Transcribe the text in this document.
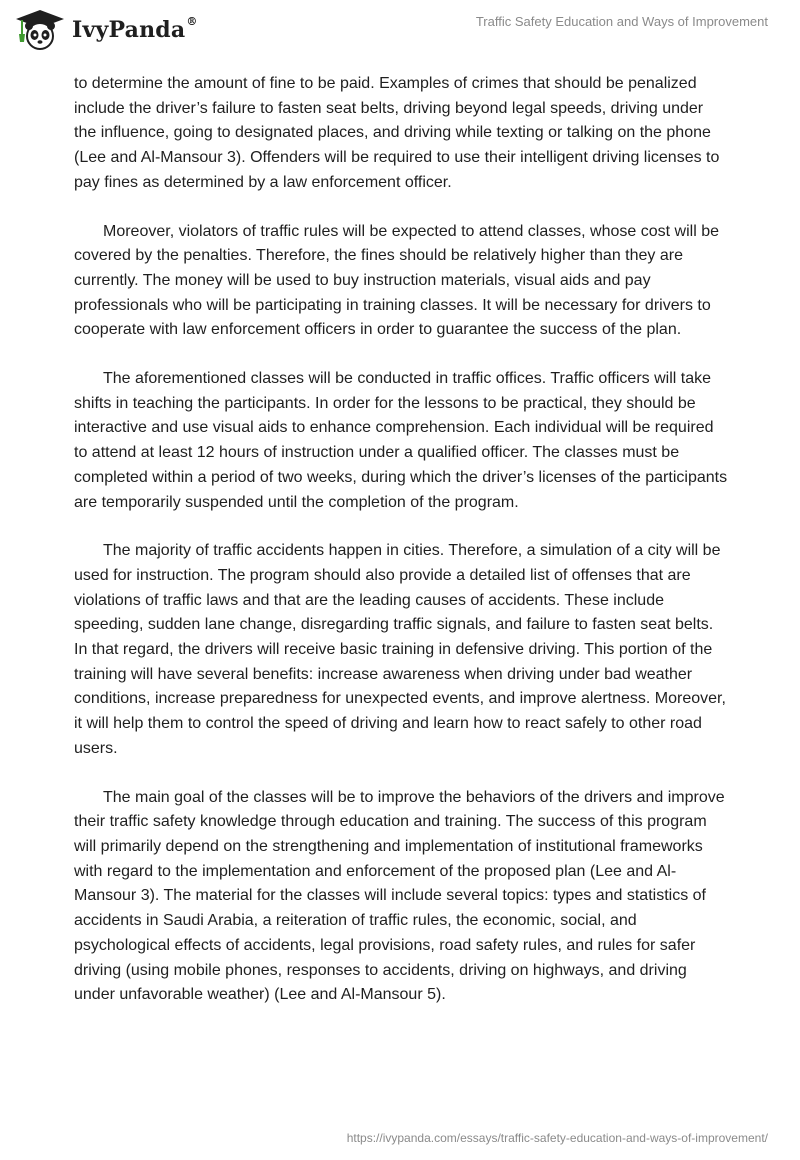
IvyPanda®	Traffic Safety Education and Ways of Improvement

to determine the amount of fine to be paid. Examples of crimes that should be penalized include the driver’s failure to fasten seat belts, driving beyond legal speeds, driving under the influence, going to designated places, and driving while texting or talking on the phone (Lee and Al-Mansour 3). Offenders will be required to use their intelligent driving licenses to pay fines as determined by a law enforcement officer.

Moreover, violators of traffic rules will be expected to attend classes, whose cost will be covered by the penalties. Therefore, the fines should be relatively higher than they are currently. The money will be used to buy instruction materials, visual aids and pay professionals who will be participating in training classes. It will be necessary for drivers to cooperate with law enforcement officers in order to guarantee the success of the plan.

The aforementioned classes will be conducted in traffic offices. Traffic officers will take shifts in teaching the participants. In order for the lessons to be practical, they should be interactive and use visual aids to enhance comprehension. Each individual will be required to attend at least 12 hours of instruction under a qualified officer. The classes must be completed within a period of two weeks, during which the driver’s licenses of the participants are temporarily suspended until the completion of the program.

The majority of traffic accidents happen in cities. Therefore, a simulation of a city will be used for instruction. The program should also provide a detailed list of offenses that are violations of traffic laws and that are the leading causes of accidents. These include speeding, sudden lane change, disregarding traffic signals, and failure to fasten seat belts. In that regard, the drivers will receive basic training in defensive driving. This portion of the training will have several benefits: increase awareness when driving under bad weather conditions, increase preparedness for unexpected events, and improve alertness. Moreover, it will help them to control the speed of driving and learn how to react safely to other road users.

The main goal of the classes will be to improve the behaviors of the drivers and improve their traffic safety knowledge through education and training. The success of this program will primarily depend on the strengthening and implementation of institutional frameworks with regard to the implementation and enforcement of the proposed plan (Lee and Al-Mansour 3). The material for the classes will include several topics: types and statistics of accidents in Saudi Arabia, a reiteration of traffic rules, the economic, social, and psychological effects of accidents, legal provisions, road safety rules, and rules for safer driving (using mobile phones, responses to accidents, driving on highways, and driving under unfavorable weather) (Lee and Al-Mansour 5).

https://ivypanda.com/essays/traffic-safety-education-and-ways-of-improvement/
